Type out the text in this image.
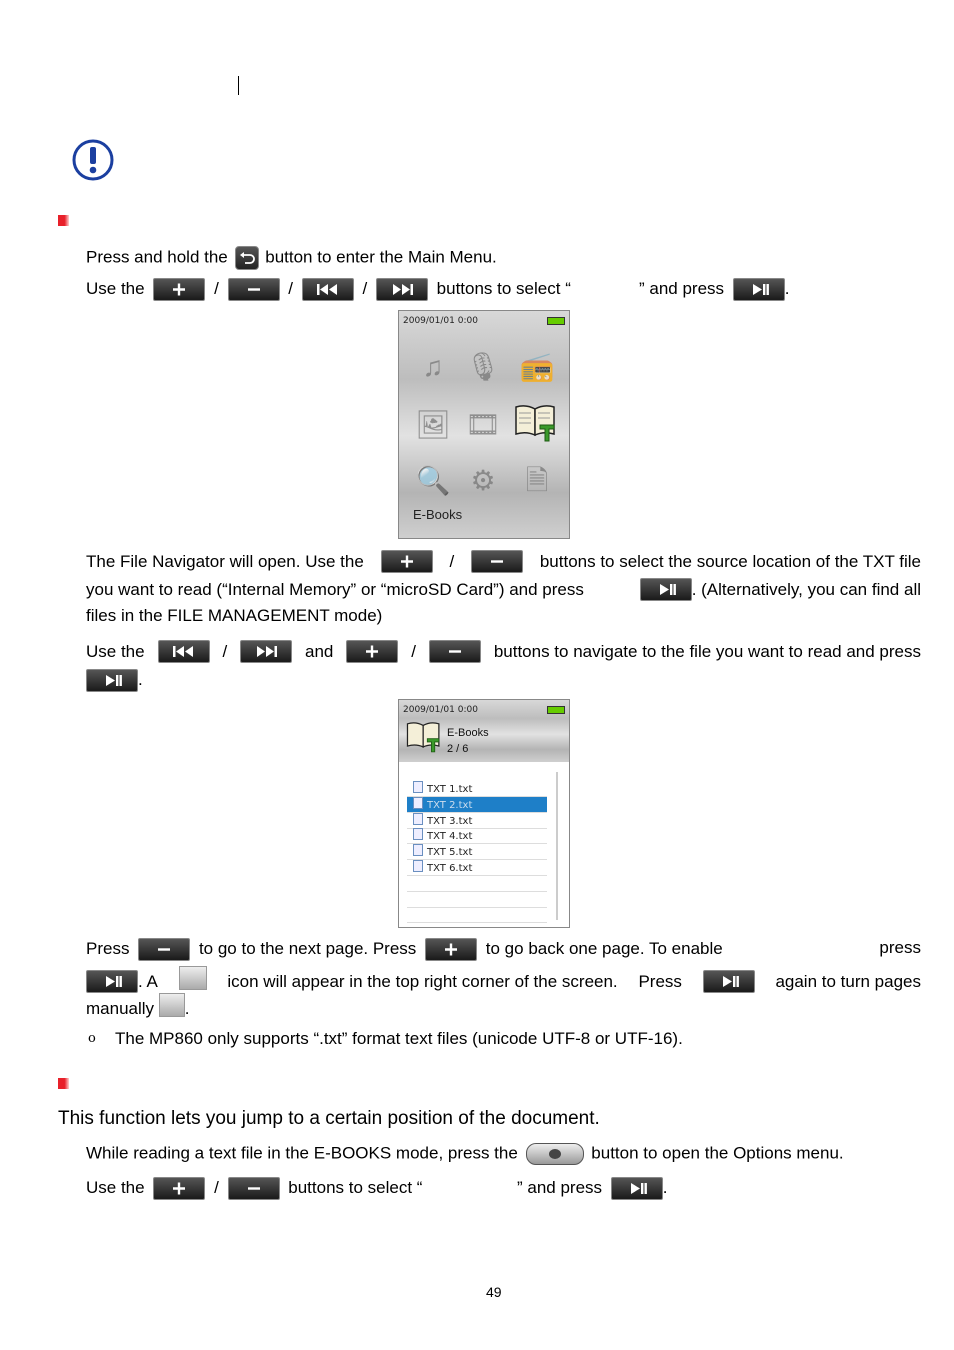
Press and hold the button to enter the Main Menu.
Use the	/	/	/	buttons to select “	” and press	.
2009/01/01 0:00
♫ 🎙 📻
🖼 🎞
🔍 ⚙	🗎
E-Books
The File Navigator will open. Use the	/	buttons to select the source location of the TXT file
you want to read (“Internal Memory” or “microSD Card”) and press	. (Alternatively, you can find all
files in the FILE MANAGEMENT mode)
Use the	/	and	/	buttons to navigate to the file you want to read and press
.
2009/01/01 0:00
E-Books
2 / 6
TXT 1.txt
TXT 2.txt
TXT 3.txt
TXT 4.txt
TXT 5.txt
TXT 6.txt
Press	to go to the next page. Press	to go back one page. To enable	press
. A	icon will appear in the top right corner of the screen. Press	again to turn pages
manually .
o The MP860 only supports “.txt” format text files (unicode UTF-8 or UTF-16).
This function lets you jump to a certain position of the document.
While reading a text file in the E-BOOKS mode, press the	button to open the Options menu.
Use the	/	buttons to select “	” and press	.
49
